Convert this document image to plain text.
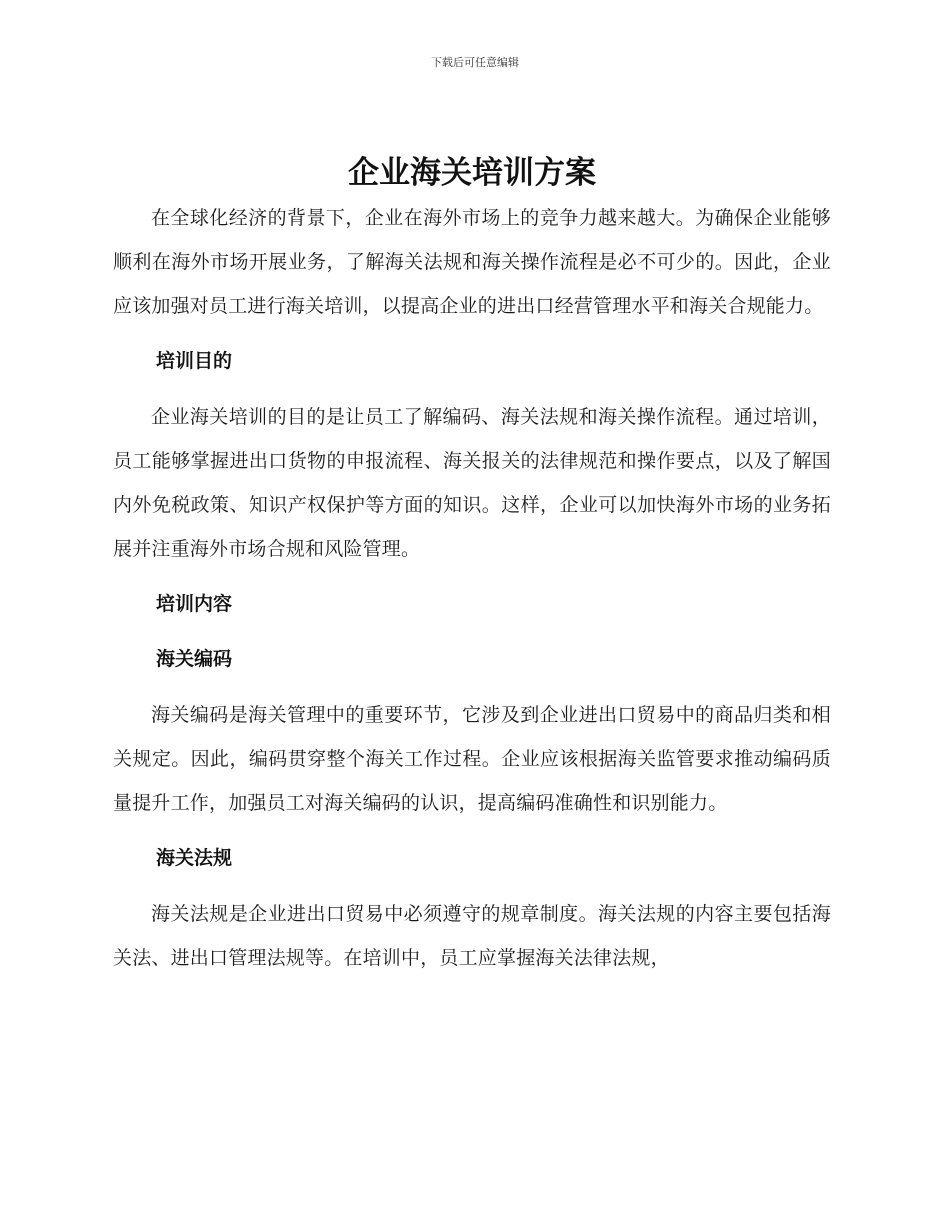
下载后可任意编辑
企业海关培训方案

在全球化经济的背景下，企业在海外市场上的竞争力越来越大。为确保企业能够顺利在海外市场开展业务，了解海关法规和海关操作流程是必不可少的。因此，企业应该加强对员工进行海关培训，以提高企业的进出口经营管理水平和海关合规能力。

培训目的

企业海关培训的目的是让员工了解编码、海关法规和海关操作流程。通过培训，员工能够掌握进出口货物的申报流程、海关报关的法律规范和操作要点，以及了解国内外免税政策、知识产权保护等方面的知识。这样，企业可以加快海外市场的业务拓展并注重海外市场合规和风险管理。

培训内容
海关编码

海关编码是海关管理中的重要环节，它涉及到企业进出口贸易中的商品归类和相关规定。因此，编码贯穿整个海关工作过程。企业应该根据海关监管要求推动编码质量提升工作，加强员工对海关编码的认识，提高编码准确性和识别能力。

海关法规

海关法规是企业进出口贸易中必须遵守的规章制度。海关法规的内容主要包括海关法、进出口管理法规等。在培训中，员工应掌握海关法律法规，
